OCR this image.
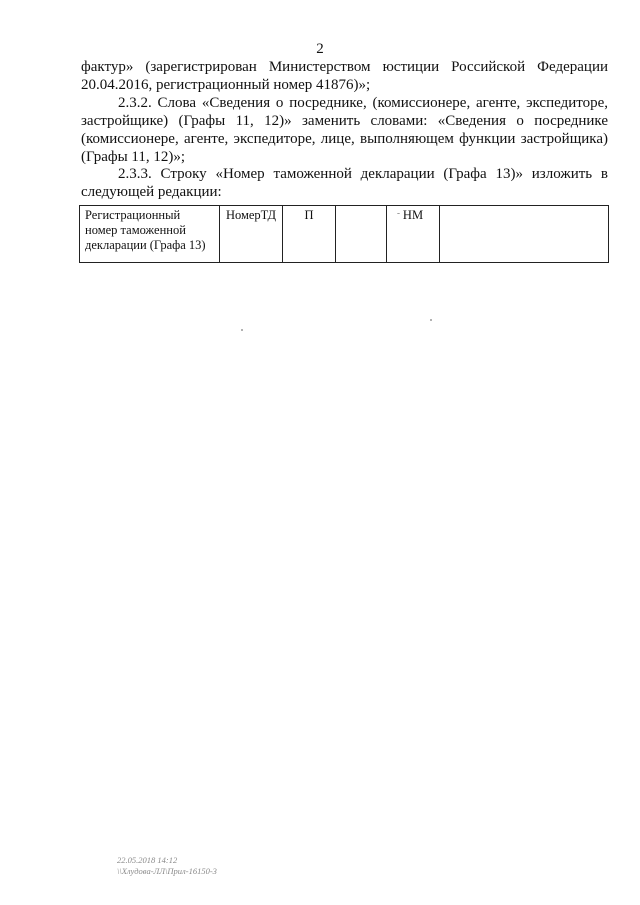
2

фактур» (зарегистрирован Министерством юстиции Российской Федерации 20.04.2016, регистрационный номер 41876)»;

2.3.2. Слова «Сведения о посреднике, (комиссионере, агенте, экспедиторе, застройщике) (Графы 11, 12)» заменить словами: «Сведения о посреднике (комиссионере, агенте, экспедиторе, лице, выполняющем функции застройщика) (Графы 11, 12)»;

2.3.3. Строку «Номер таможенной декларации (Графа 13)» изложить в следующей редакции:

Регистрационный номер таможенной декларации (Графа 13)	НомерТД	П		НМ	
22.05.2018 14:12
\\Хлудова-ЛЛ\Прил-16150-3
